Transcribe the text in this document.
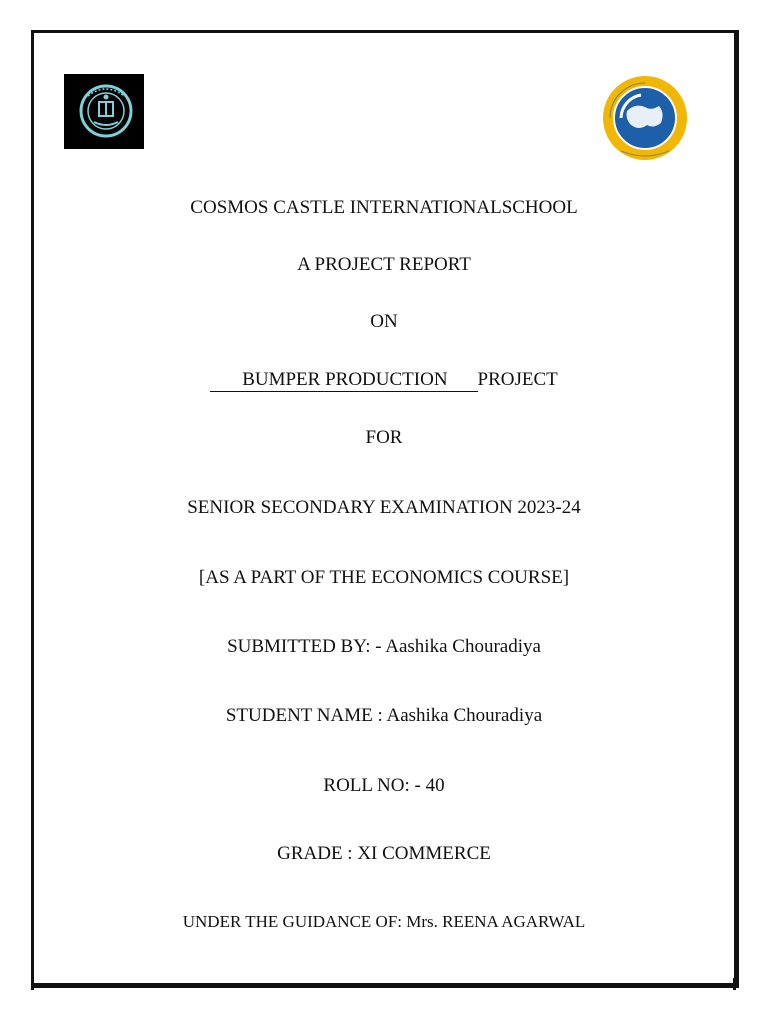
COSMOS CASTLE INTERNATIONALSCHOOL
A PROJECT REPORT
ON
BUMPER PRODUCTION PROJECT
FOR
SENIOR SECONDARY EXAMINATION 2023-24
[AS A PART OF THE ECONOMICS COURSE]
SUBMITTED BY: - Aashika Chouradiya
STUDENT NAME : Aashika Chouradiya
ROLL NO: - 40
GRADE : XI COMMERCE
UNDER THE GUIDANCE OF: Mrs. REENA AGARWAL
